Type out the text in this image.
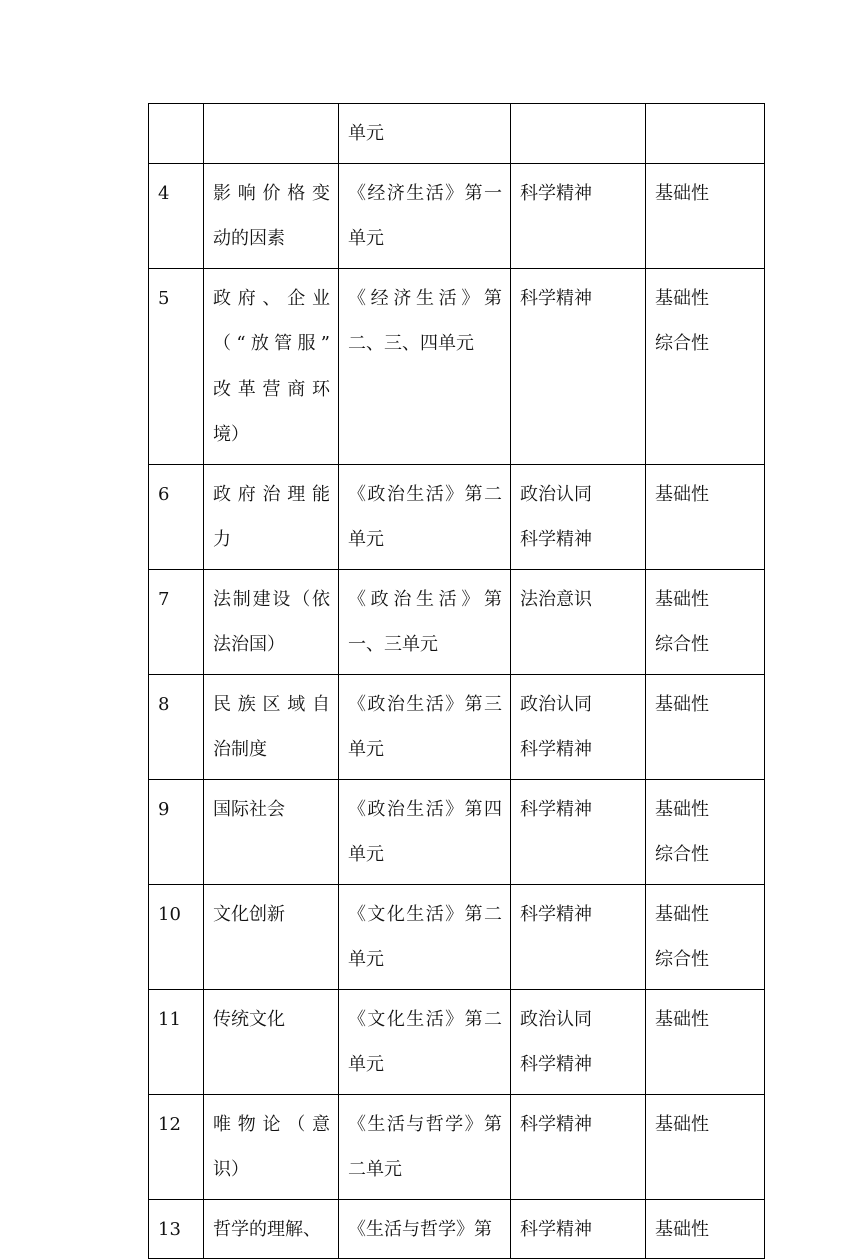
		单元		

4	影响价格变
动的因素	《经济生活》第一
单元	科学精神	基础性

5	政府、企业
（“放管服”
改革营商环
境）	《经济生活》第
二、三、四单元	科学精神	基础性
综合性

6	政府治理能
力	《政治生活》第二
单元	政治认同
科学精神	基础性

7	法制建设（依
法治国）	《政治生活》第
一、三单元	法治意识	基础性
综合性

8	民族区域自
治制度	《政治生活》第三
单元	政治认同
科学精神	基础性

9	国际社会	《政治生活》第四
单元	科学精神	基础性
综合性

10	文化创新	《文化生活》第二
单元	科学精神	基础性
综合性

11	传统文化	《文化生活》第二
单元	政治认同
科学精神	基础性

12	唯物论（意
识）	《生活与哲学》第
二单元	科学精神	基础性

13	哲学的理解、	《生活与哲学》第	科学精神	基础性
